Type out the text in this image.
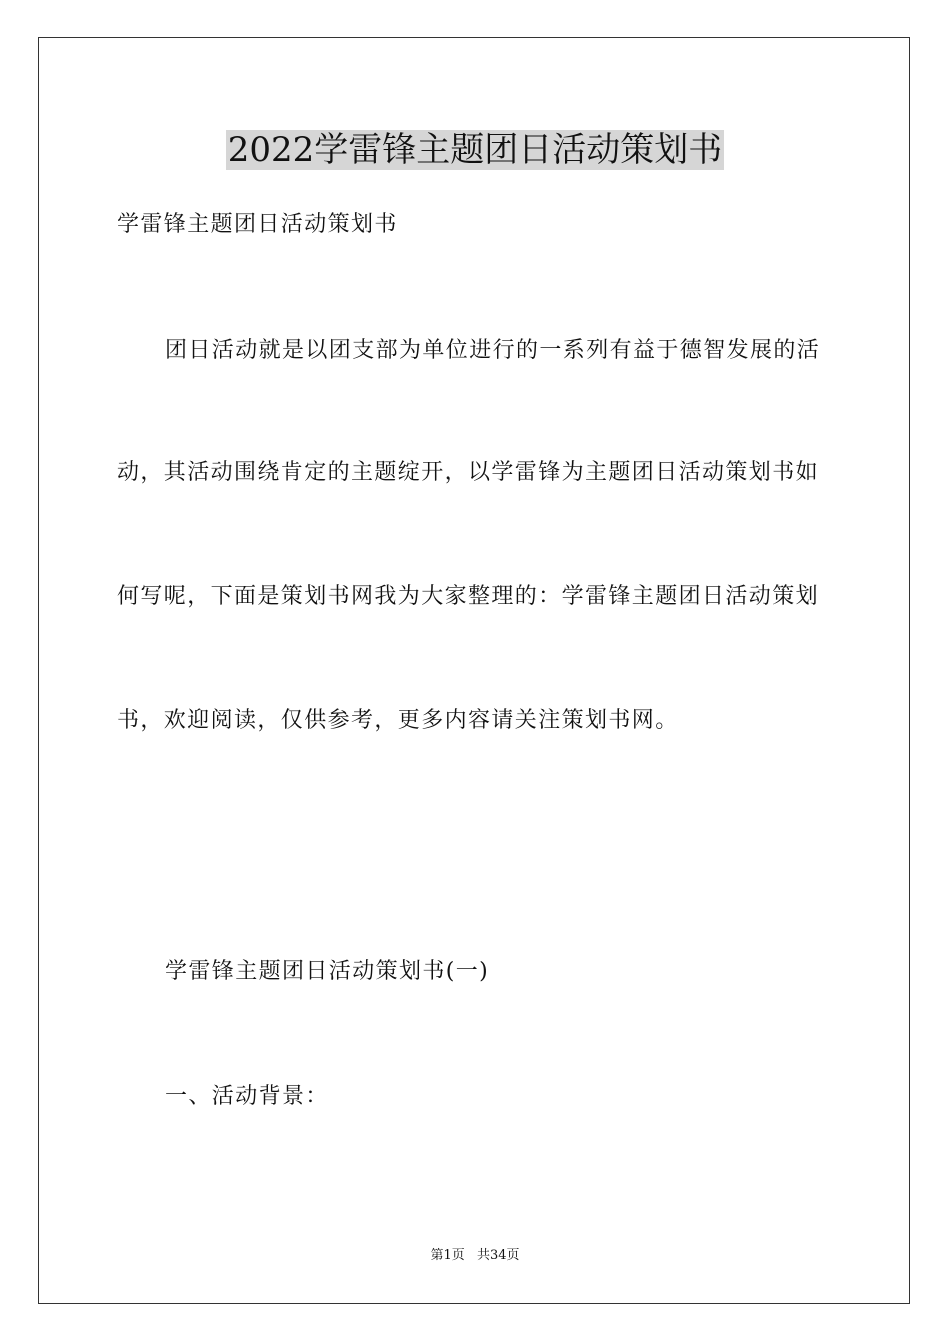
2022学雷锋主题团日活动策划书
学雷锋主题团日活动策划书
团日活动就是以团支部为单位进行的一系列有益于德智发展的活
动，其活动围绕肯定的主题绽开，以学雷锋为主题团日活动策划书如
何写呢，下面是策划书网我为大家整理的：学雷锋主题团日活动策划
书，欢迎阅读，仅供参考，更多内容请关注策划书网。
学雷锋主题团日活动策划书(一)
一、活动背景：
第1页 共34页
